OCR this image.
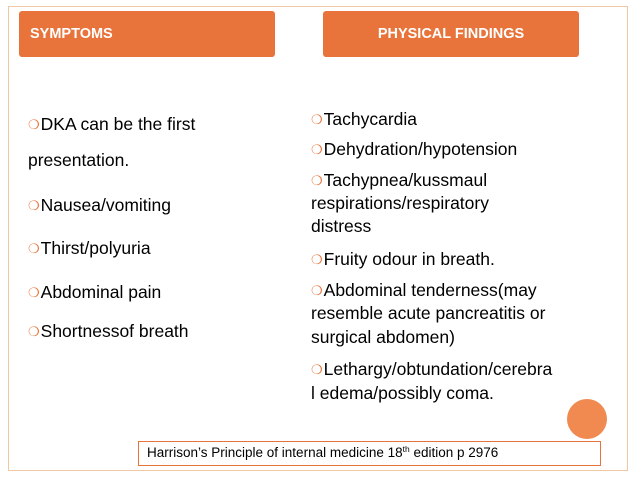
SYMPTOMS	PHYSICAL FINDINGS
❍DKA can be the first
presentation.
❍Nausea/vomiting
❍Thirst/polyuria
❍Abdominal pain
❍Shortnessof breath
❍Tachycardia
❍Dehydration/hypotension
❍Tachypnea/kussmaul
respirations/respiratory
distress
❍Fruity odour in breath.
❍Abdominal tenderness(may
resemble acute pancreatitis or
surgical abdomen)
❍Lethargy/obtundation/cerebra
l edema/possibly coma.
Harrison’s Principle of internal medicine 18th edition p 2976
